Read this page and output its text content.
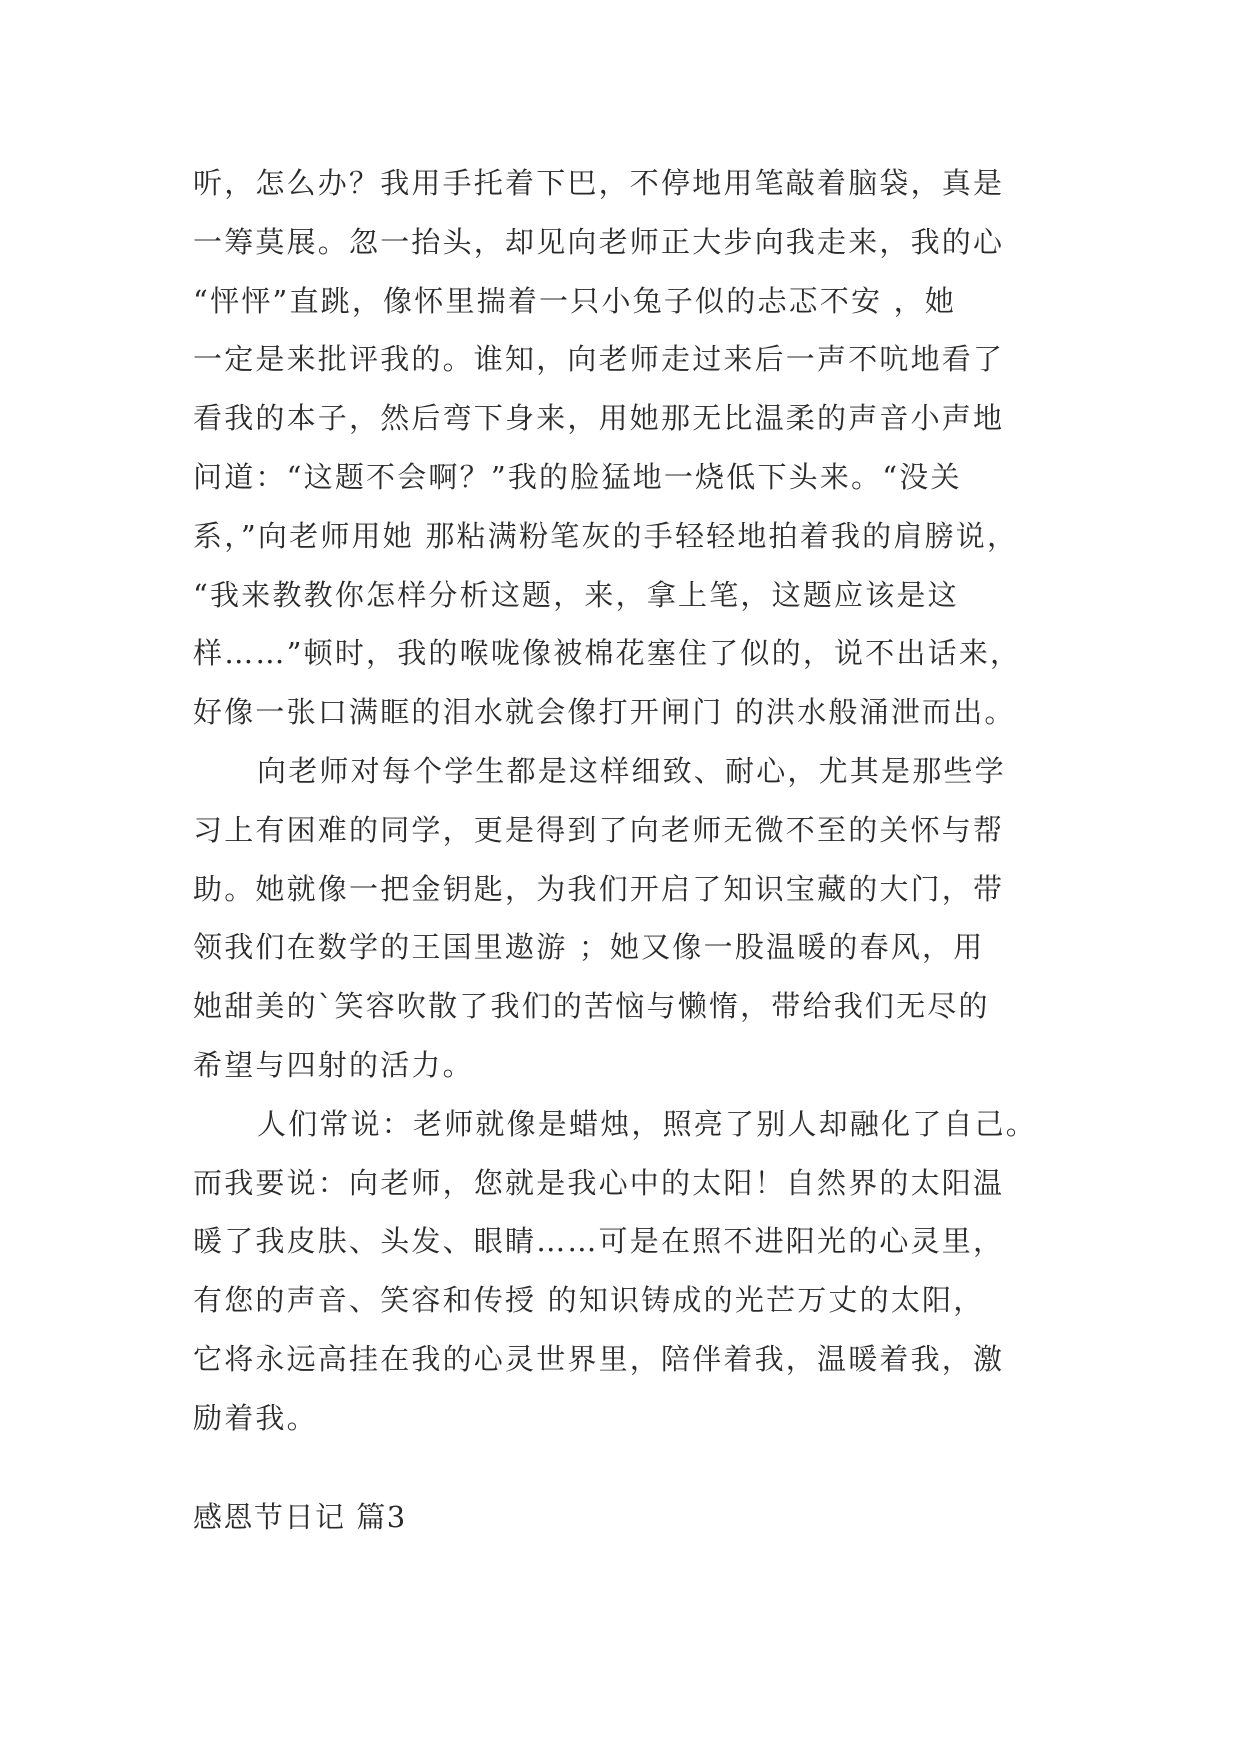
听，怎么办？我用手托着下巴，不停地用笔敲着脑袋，真是

一筹莫展。忽一抬头，却见向老师正大步向我走来，我的心

“怦怦”直跳，像怀里揣着一只小兔子似的忐忑不安 ，她

一定是来批评我的。谁知，向老师走过来后一声不吭地看了

看我的本子，然后弯下身来，用她那无比温柔的声音小声地

问道：“这题不会啊？”我的脸猛地一烧低下头来。“没关

系，”向老师用她 那粘满粉笔灰的手轻轻地拍着我的肩膀说，

“我来教教你怎样分析这题，来，拿上笔，这题应该是这

样……”顿时，我的喉咙像被棉花塞住了似的，说不出话来，

好像一张口满眶的泪水就会像打开闸门 的洪水般涌泄而出。

向老师对每个学生都是这样细致、耐心，尤其是那些学

习上有困难的同学，更是得到了向老师无微不至的关怀与帮

助。她就像一把金钥匙，为我们开启了知识宝藏的大门，带

领我们在数学的王国里遨游 ；她又像一股温暖的春风，用

她甜美的`笑容吹散了我们的苦恼与懒惰，带给我们无尽的

希望与四射的活力。

人们常说：老师就像是蜡烛，照亮了别人却融化了自己。

而我要说：向老师，您就是我心中的太阳！自然界的太阳温

暖了我皮肤、头发、眼睛……可是在照不进阳光的心灵里，

有您的声音、笑容和传授 的知识铸成的光芒万丈的太阳，

它将永远高挂在我的心灵世界里，陪伴着我，温暖着我，激

励着我。

感恩节日记 篇3
